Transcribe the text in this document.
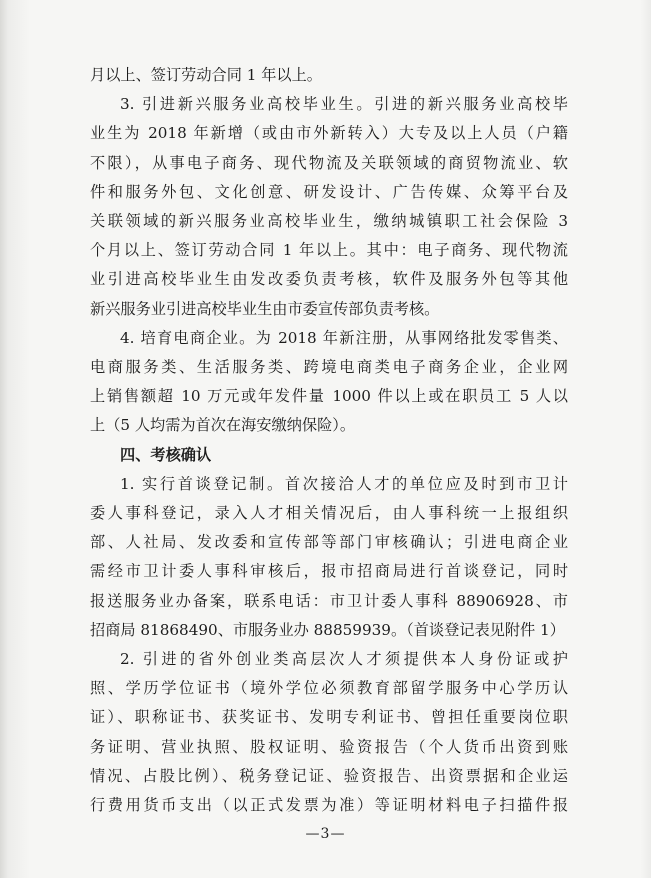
月以上、签订劳动合同 1 年以上。
3. 引进新兴服务业高校毕业生。引进的新兴服务业高校毕
业生为 2018 年新增（或由市外新转入）大专及以上人员（户籍
不限），从事电子商务、现代物流及关联领域的商贸物流业、软
件和服务外包、文化创意、研发设计、广告传媒、众筹平台及
关联领域的新兴服务业高校毕业生，缴纳城镇职工社会保险 3
个月以上、签订劳动合同 1 年以上。其中：电子商务、现代物流
业引进高校毕业生由发改委负责考核，软件及服务外包等其他
新兴服务业引进高校毕业生由市委宣传部负责考核。
4. 培育电商企业。为 2018 年新注册，从事网络批发零售类、
电商服务类、生活服务类、跨境电商类电子商务企业，企业网
上销售额超 10 万元或年发件量 1000 件以上或在职员工 5 人以
上（5 人均需为首次在海安缴纳保险）。
四、考核确认
1. 实行首谈登记制。首次接洽人才的单位应及时到市卫计
委人事科登记，录入人才相关情况后，由人事科统一上报组织
部、人社局、发改委和宣传部等部门审核确认；引进电商企业
需经市卫计委人事科审核后，报市招商局进行首谈登记，同时
报送服务业办备案，联系电话：市卫计委人事科 88906928、市
招商局 81868490、市服务业办 88859939。（首谈登记表见附件 1）
2. 引进的省外创业类高层次人才须提供本人身份证或护
照、学历学位证书（境外学位必须教育部留学服务中心学历认
证）、职称证书、获奖证书、发明专利证书、曾担任重要岗位职
务证明、营业执照、股权证明、验资报告（个人货币出资到账
情况、占股比例）、税务登记证、验资报告、出资票据和企业运
行费用货币支出（以正式发票为准）等证明材料电子扫描件报
—3—
